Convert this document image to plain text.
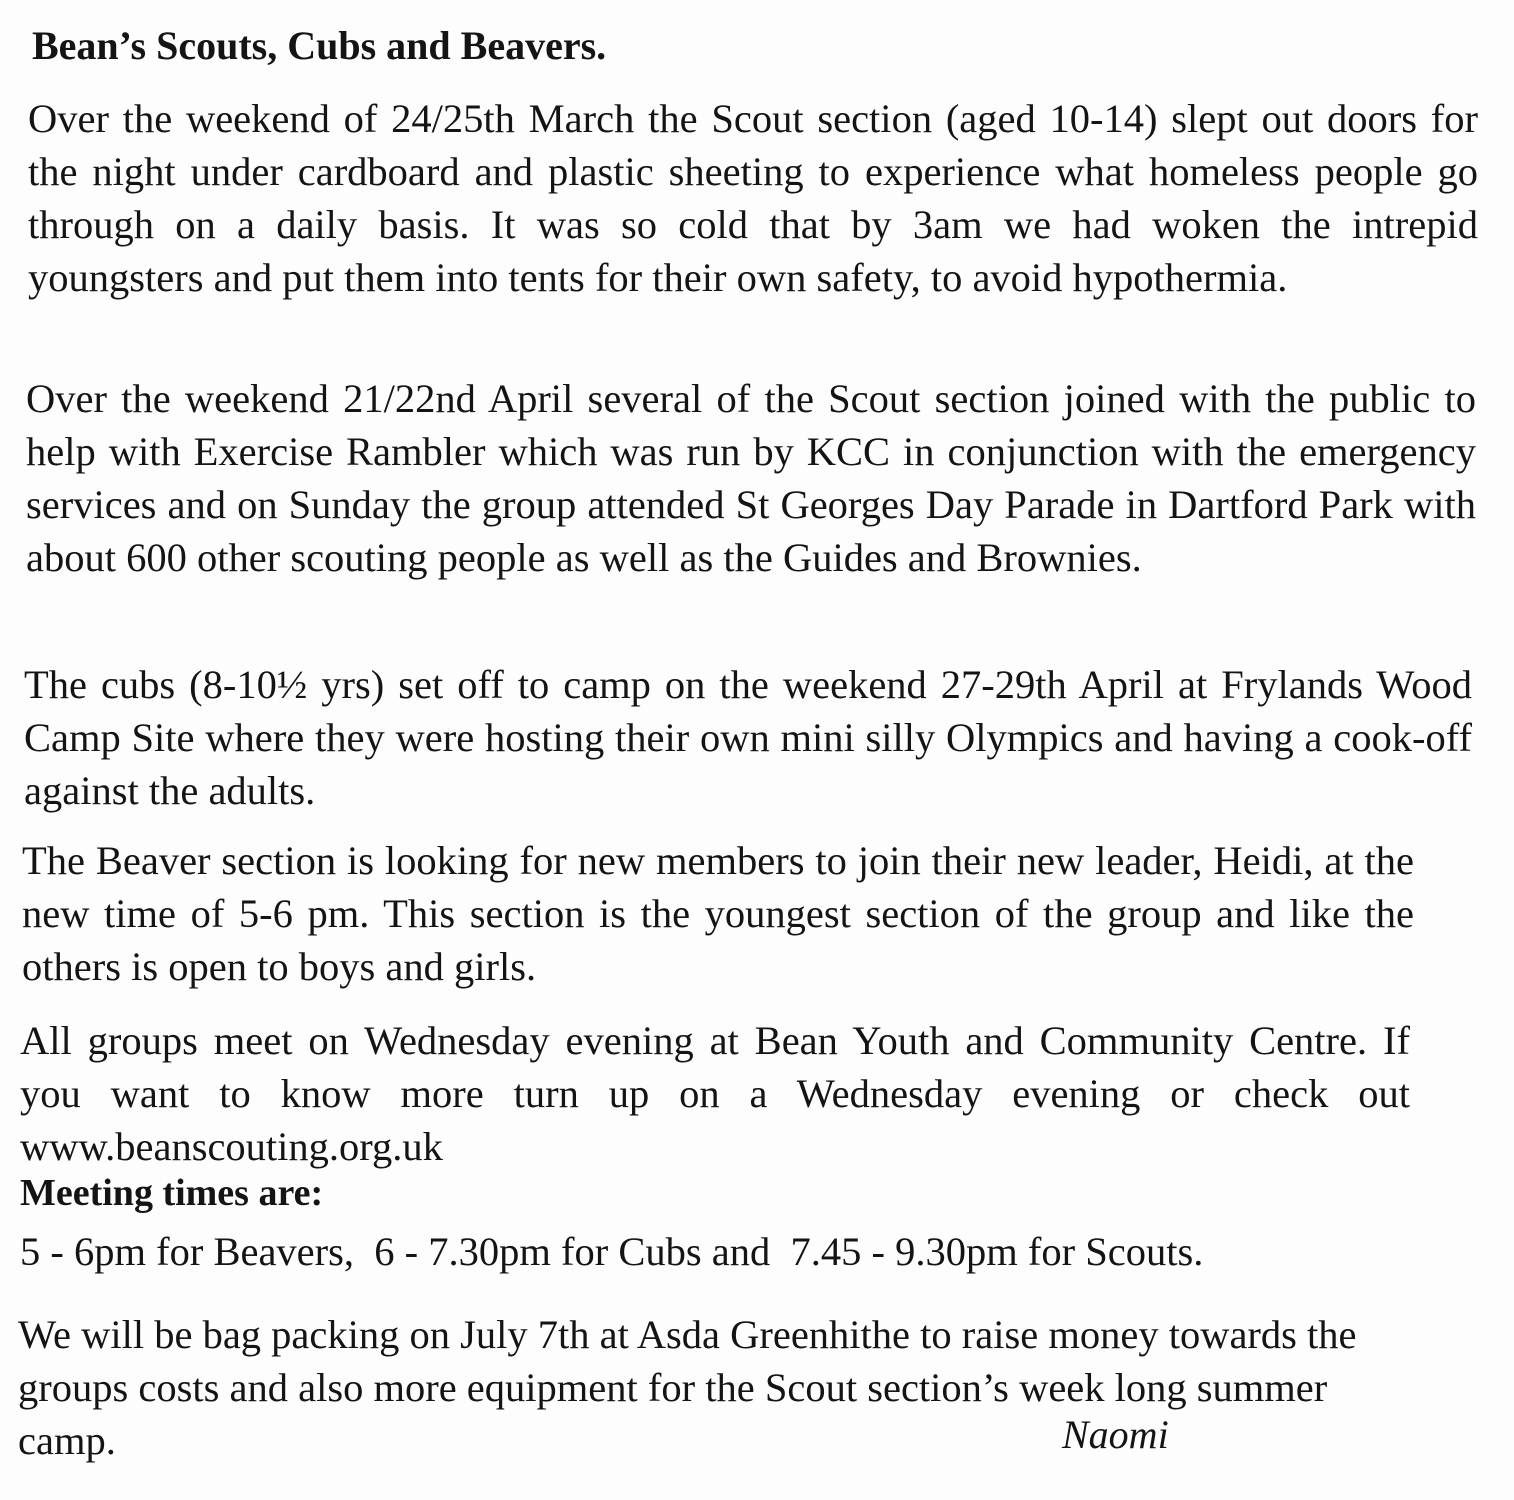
Bean’s Scouts, Cubs and Beavers.

Over the weekend of 24/25th March the Scout section (aged 10-14) slept out doors for the night under cardboard and plastic sheeting to experience what homeless people go through on a daily basis. It was so cold that by 3am we had woken the intrepid youngsters and put them into tents for their own safety, to avoid hypothermia.

Over the weekend 21/22nd April several of the Scout section joined with the public to help with Exercise Rambler which was run by KCC in conjunction with the emergency services and on Sunday the group attended St Georges Day Parade in Dartford Park with about 600 other scouting people as well as the Guides and Brownies.

The cubs (8-10½ yrs) set off to camp on the weekend 27-29th April at Frylands Wood Camp Site where they were hosting their own mini silly Olympics and having a cook-off against the adults.

The Beaver section is looking for new members to join their new leader, Heidi, at the new time of 5-6 pm. This section is the youngest section of the group and like the others is open to boys and girls.

All groups meet on Wednesday evening at Bean Youth and Community Centre. If you want to know more turn up on a Wednesday evening or check out www.beanscouting.org.uk

Meeting times are:

5 - 6pm for Beavers,  6 - 7.30pm for Cubs and  7.45 - 9.30pm for Scouts.

We will be bag packing on July 7th at Asda Greenhithe to raise money towards the groups costs and also more equipment for the Scout section’s week long summer camp.	Naomi
